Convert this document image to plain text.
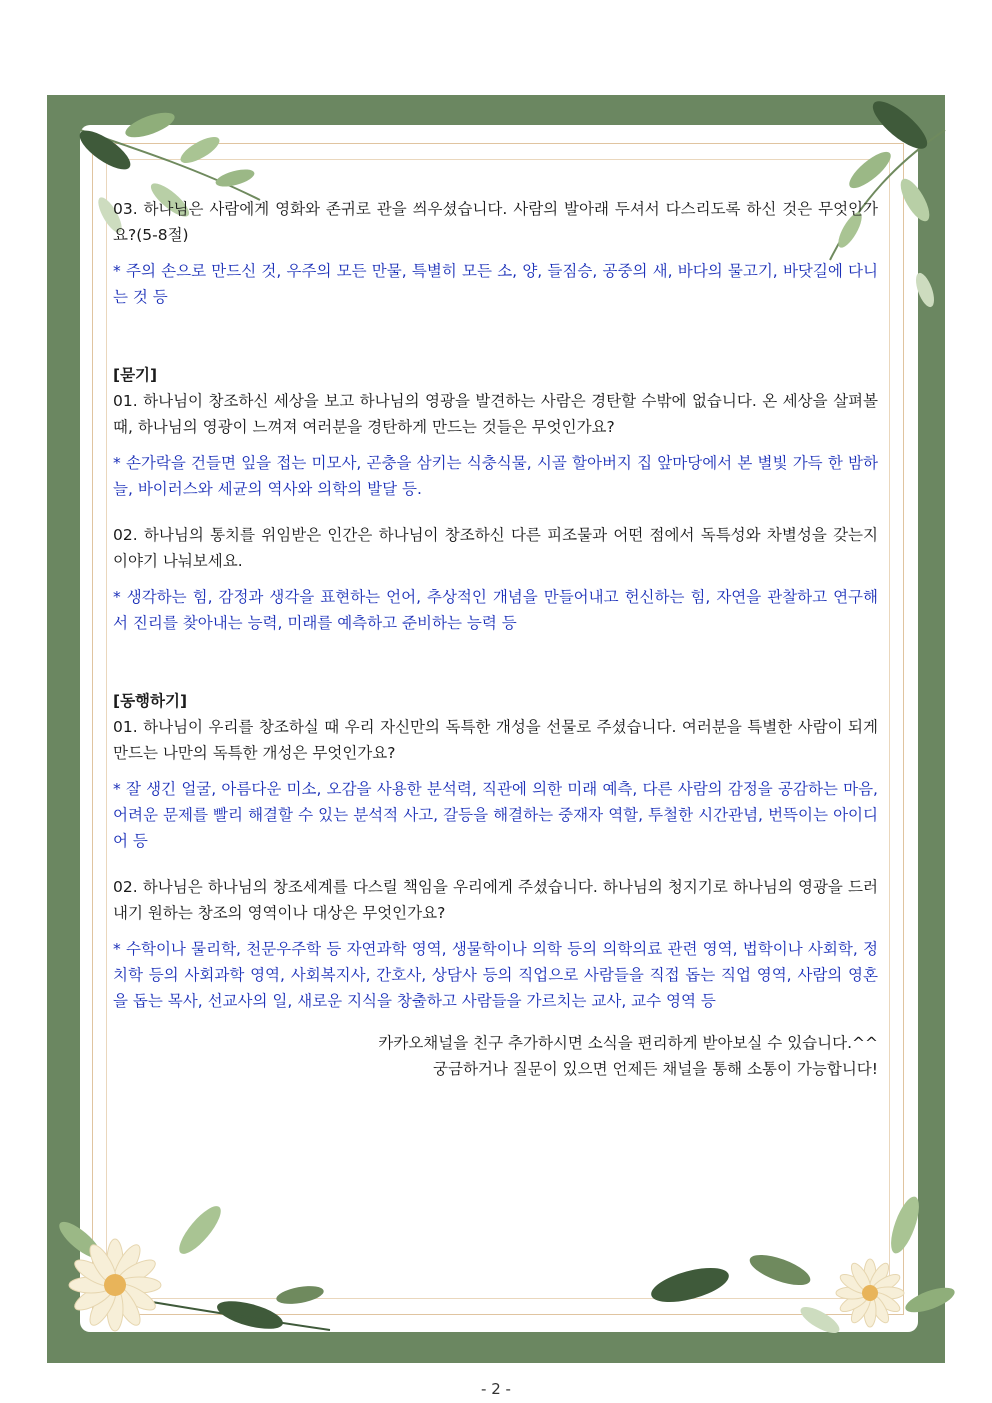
03. 하나님은 사람에게 영화와 존귀로 관을 씌우셨습니다. 사람의 발아래 두셔서 다스리도록 하신 것은 무엇인가요?(5-8절)

* 주의 손으로 만드신 것, 우주의 모든 만물, 특별히 모든 소, 양, 들짐승, 공중의 새, 바다의 물고기, 바닷길에 다니는 것 등

[묻기]

01. 하나님이 창조하신 세상을 보고 하나님의 영광을 발견하는 사람은 경탄할 수밖에 없습니다. 온 세상을 살펴볼 때, 하나님의 영광이 느껴져 여러분을 경탄하게 만드는 것들은 무엇인가요?

* 손가락을 건들면 잎을 접는 미모사, 곤충을 삼키는 식충식물, 시골 할아버지 집 앞마당에서 본 별빛 가득 한 밤하늘, 바이러스와 세균의 역사와 의학의 발달 등.

02. 하나님의 통치를 위임받은 인간은 하나님이 창조하신 다른 피조물과 어떤 점에서 독특성와 차별성을 갖는지 이야기 나눠보세요.

* 생각하는 힘, 감정과 생각을 표현하는 언어, 추상적인 개념을 만들어내고 헌신하는 힘, 자연을 관찰하고 연구해서 진리를 찾아내는 능력, 미래를 예측하고 준비하는 능력 등

[동행하기]

01. 하나님이 우리를 창조하실 때 우리 자신만의 독특한 개성을 선물로 주셨습니다. 여러분을 특별한 사람이 되게 만드는 나만의 독특한 개성은 무엇인가요?

* 잘 생긴 얼굴, 아름다운 미소, 오감을 사용한 분석력, 직관에 의한 미래 예측, 다른 사람의 감정을 공감하는 마음, 어려운 문제를 빨리 해결할 수 있는 분석적 사고, 갈등을 해결하는 중재자 역할, 투철한 시간관념, 번뜩이는 아이디어 등

02. 하나님은 하나님의 창조세계를 다스릴 책임을 우리에게 주셨습니다. 하나님의 청지기로 하나님의 영광을 드러내기 원하는 창조의 영역이나 대상은 무엇인가요?

* 수학이나 물리학, 천문우주학 등 자연과학 영역, 생물학이나 의학 등의 의학의료 관련 영역, 법학이나 사회학, 정치학 등의 사회과학 영역, 사회복지사, 간호사, 상담사 등의 직업으로 사람들을 직접 돕는 직업 영역, 사람의 영혼을 돕는 목사, 선교사의 일, 새로운 지식을 창출하고 사람들을 가르치는 교사, 교수 영역 등

카카오채널을 친구 추가하시면 소식을 편리하게 받아보실 수 있습니다.^^

궁금하거나 질문이 있으면 언제든 채널을 통해 소통이 가능합니다!

- 2 -
